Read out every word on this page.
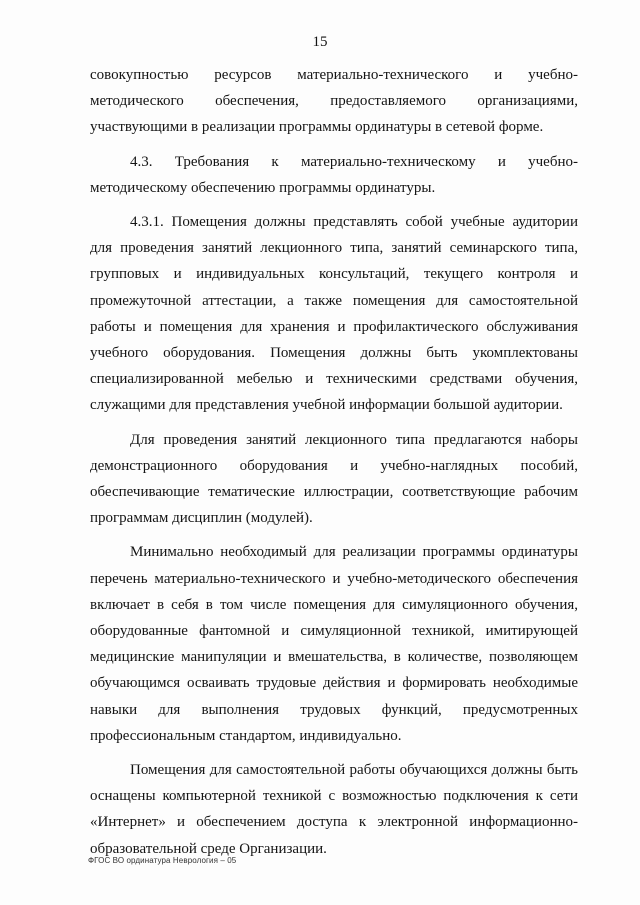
15

совокупностью ресурсов материально-технического и учебно-методического обеспечения, предоставляемого организациями, участвующими в реализации программы ординатуры в сетевой форме.

4.3. Требования к материально-техническому и учебно-методическому обеспечению программы ординатуры.

4.3.1. Помещения должны представлять собой учебные аудитории для проведения занятий лекционного типа, занятий семинарского типа, групповых и индивидуальных консультаций, текущего контроля и промежуточной аттестации, а также помещения для самостоятельной работы и помещения для хранения и профилактического обслуживания учебного оборудования. Помещения должны быть укомплектованы специализированной мебелью и техническими средствами обучения, служащими для представления учебной информации большой аудитории.

Для проведения занятий лекционного типа предлагаются наборы демонстрационного оборудования и учебно-наглядных пособий, обеспечивающие тематические иллюстрации, соответствующие рабочим программам дисциплин (модулей).

Минимально необходимый для реализации программы ординатуры перечень материально-технического и учебно-методического обеспечения включает в себя в том числе помещения для симуляционного обучения, оборудованные фантомной и симуляционной техникой, имитирующей медицинские манипуляции и вмешательства, в количестве, позволяющем обучающимся осваивать трудовые действия и формировать необходимые навыки для выполнения трудовых функций, предусмотренных профессиональным стандартом, индивидуально.

Помещения для самостоятельной работы обучающихся должны быть оснащены компьютерной техникой с возможностью подключения к сети «Интернет» и обеспечением доступа к электронной информационно-образовательной среде Организации.

ФГОС ВО ординатура Неврология – 05
